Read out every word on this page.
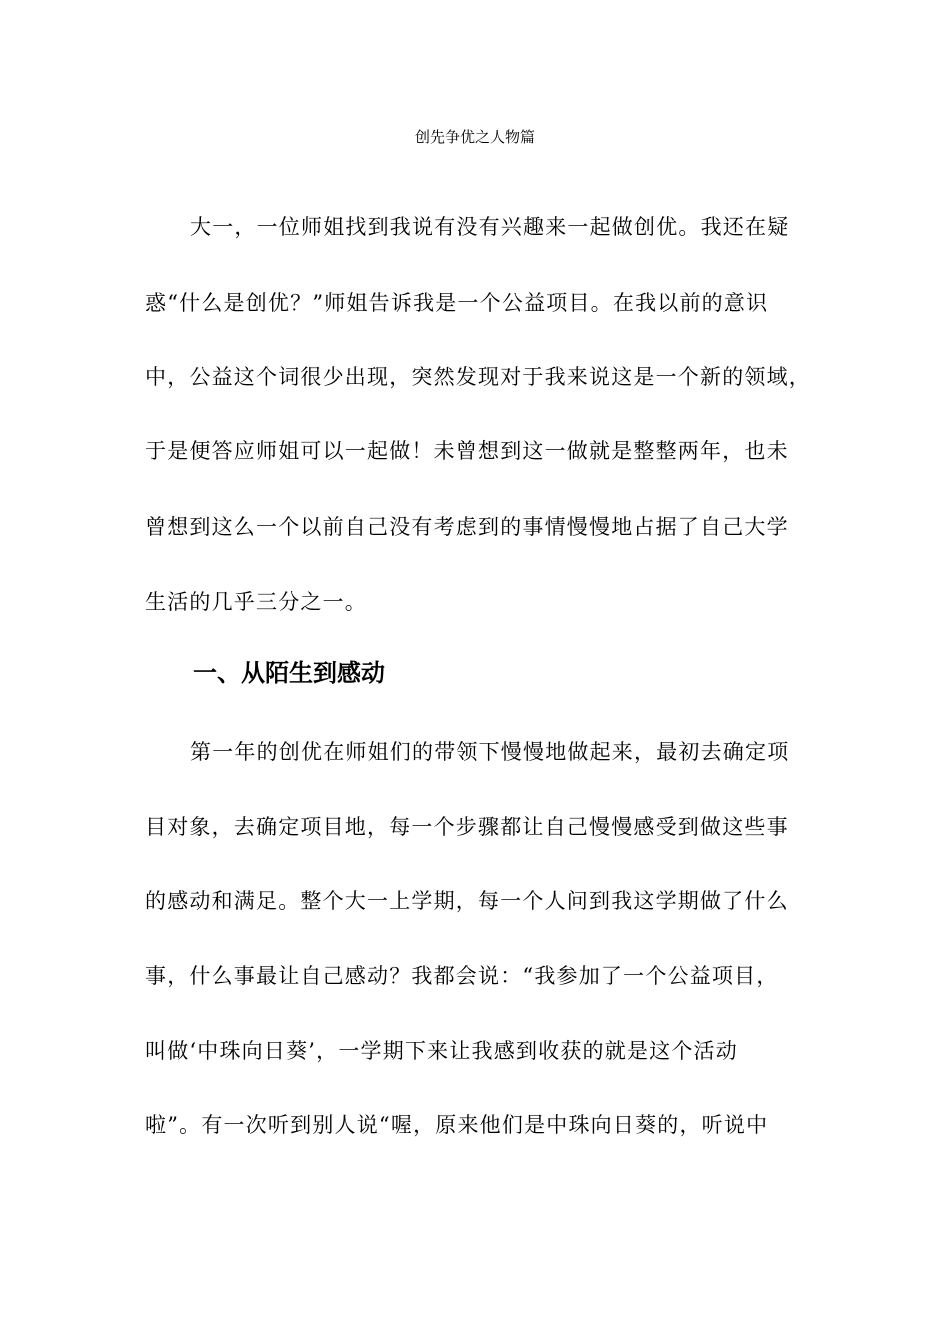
创先争优之人物篇
大一，一位师姐找到我说有没有兴趣来一起做创优。我还在疑
惑“什么是创优？”师姐告诉我是一个公益项目。在我以前的意识
中，公益这个词很少出现，突然发现对于我来说这是一个新的领域，
于是便答应师姐可以一起做！未曾想到这一做就是整整两年，也未
曾想到这么一个以前自己没有考虑到的事情慢慢地占据了自己大学
生活的几乎三分之一。
一、从陌生到感动
第一年的创优在师姐们的带领下慢慢地做起来，最初去确定项
目对象，去确定项目地，每一个步骤都让自己慢慢感受到做这些事
的感动和满足。整个大一上学期，每一个人问到我这学期做了什么
事，什么事最让自己感动？我都会说：“我参加了一个公益项目，
叫做‘中珠向日葵’，一学期下来让我感到收获的就是这个活动
啦”。有一次听到别人说“喔，原来他们是中珠向日葵的，听说中
